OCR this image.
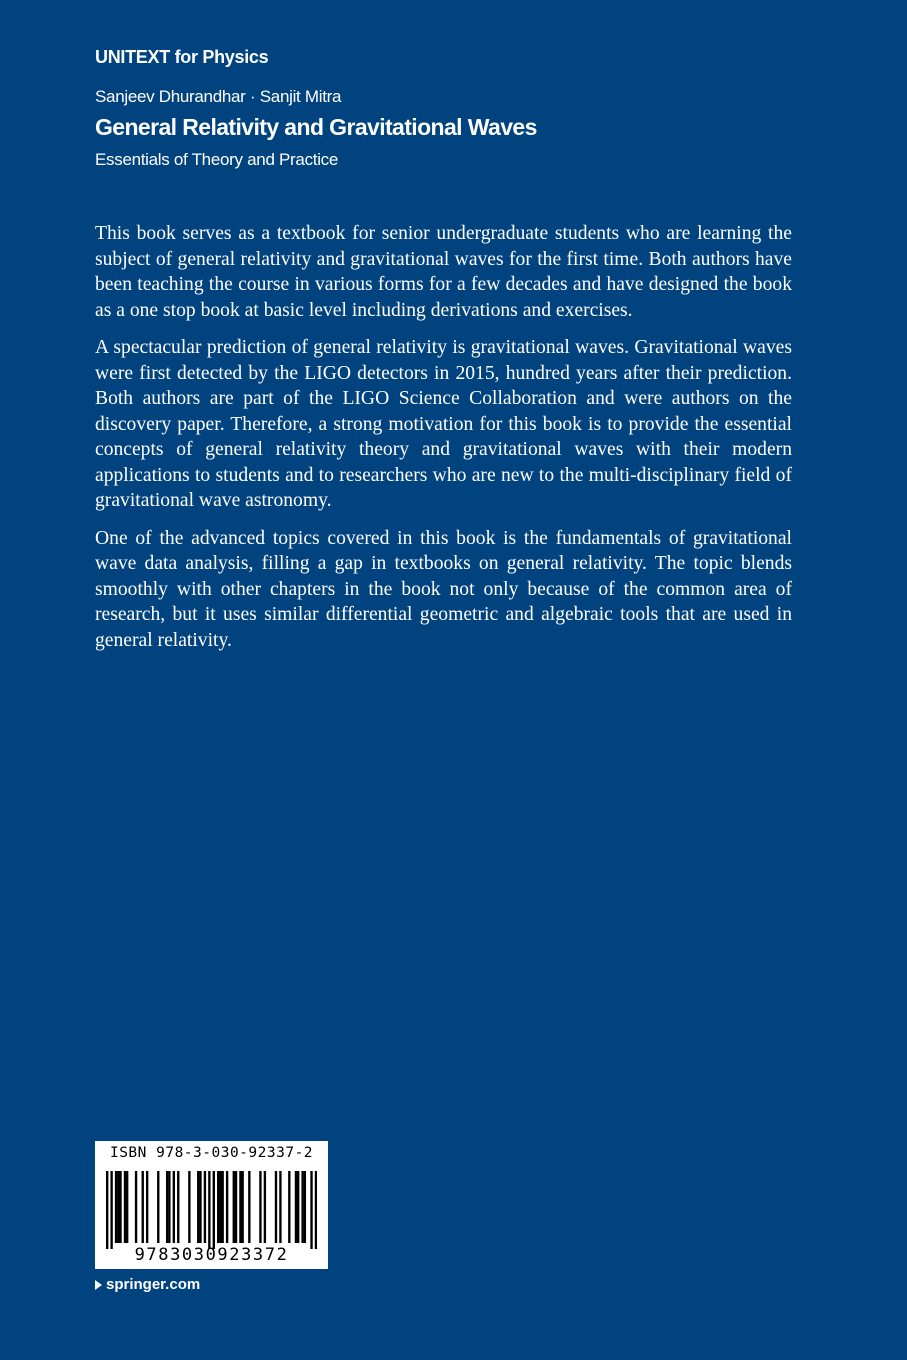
UNITEXT for Physics
Sanjeev Dhurandhar · Sanjit Mitra
General Relativity and Gravitational Waves
Essentials of Theory and Practice

This book serves as a textbook for senior undergraduate students who are learning the subject of general relativity and gravitational waves for the first time. Both authors have been teaching the course in various forms for a few decades and have designed the book as a one stop book at basic level including derivations and exercises.

A spectacular prediction of general relativity is gravitational waves. Gravitational waves were first detected by the LIGO detectors in 2015, hundred years after their prediction. Both authors are part of the LIGO Science Collaboration and were authors on the discovery paper. Therefore, a strong motivation for this book is to provide the essential concepts of general relativity theory and gravitational waves with their modern applications to students and to researchers who are new to the multi-disciplinary field of gravitational wave astronomy.

One of the advanced topics covered in this book is the fundamentals of gravitational wave data analysis, filling a gap in textbooks on general relativity. The topic blends smoothly with other chapters in the book not only because of the common area of research, but it uses similar differential geometric and algebraic tools that are used in general relativity.

ISBN 978-3-030-92337-2
9783030923372
springer.com
